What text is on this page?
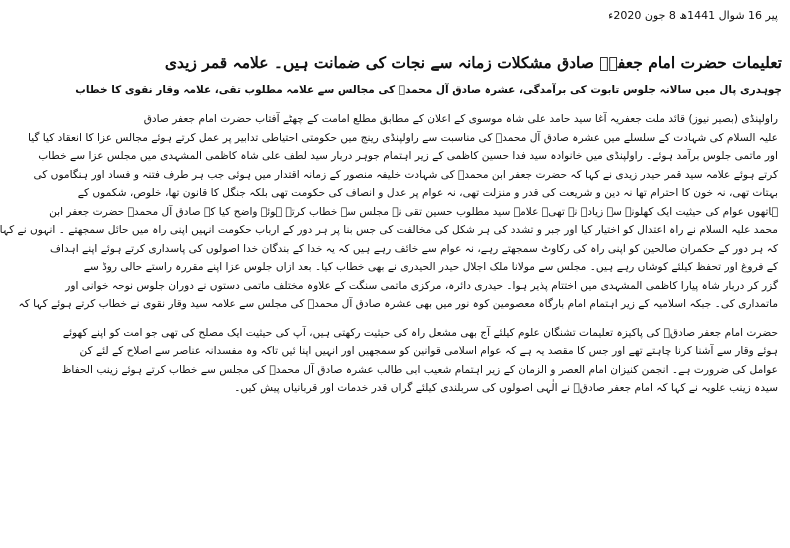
پیر 16 شوال 1441ھ 8 جون 2020ء
تعلیمات حضرت امام جعفرؑ صادق مشکلات زمانہ سے نجات کی ضمانت ہیں۔ علامہ قمر زیدی
چوہدری پال میں سالانہ جلوس تابوت کی برآمدگی، عشرہ صادق آل محمدؐ کی مجالس سے علامہ مطلوب تقی، علامہ وقار نقوی کا خطاب
راولپنڈی (بصیر نیوز) قائد ملت جعفریہ آغا سید حامد علی شاہ موسوی کے اعلان کے مطابق مطلع امامت کے چھٹے آفتاب حضرت امام جعفر صادق
علیہ السلام کی شہادت کے سلسلے میں عشرہ صادق آل محمدؐ کی مناسبت سے راولپنڈی رینج میں حکومتی احتیاطی تدابیر پر عمل کرتے ہوئے مجالس عزا کا انعقاد کیا گیا
اور ماتمی جلوس برآمد ہوئے۔ راولپنڈی میں خانوادہ سید فدا حسین کاظمی کے زیر اہتمام جوہر دربار سید لطف علی شاہ کاظمی المشہدی میں مجلس عزا سے خطاب
کرتے ہوئے علامہ سید قمر حیدر زیدی نے کہا کہ حضرت جعفر ابن محمدؑ کی شہادت خلیفہ منصور کے زمانہ اقتدار میں ہوئی جب ہر طرف فتنہ و فساد اور ہنگاموں کی
بہتات تھی، نہ خون کا احترام تھا نہ دین و شریعت کی قدر و منزلت تھی، نہ عوام پر عدل و انصاف کی حکومت تھی بلکہ جنگل کا قانون تھا، خلوص، شکموں کے
ہاتھوں عوام کی حیثیت ایک کھلونے سے زیادہ نہ تھی۔ علامہ سید مطلوب حسین تقی نے مجلس سے خطاب کرتے ہوئے واضح کیا کہ صادق آل محمدؐ حضرت جعفر ابن
محمد علیہ السلام نے راہ اعتدال کو اختیار کیا اور جبر و تشدد کی ہر شکل کی مخالفت کی جس بنا پر ہر دور کے ارباب حکومت انہیں اپنی راہ میں حائل سمجھتے ۔ انہوں نے کہا
کہ ہر دور کے حکمران صالحین کو اپنی راہ کی رکاوٹ سمجھتے رہے، نہ عوام سے خائف رہے ہیں کہ یہ خدا کے بندگان خدا اصولوں کی پاسداری کرتے ہوئے اپنے اہداف
کے فروغ اور تحفظ کیلئے کوشاں رہے ہیں۔ مجلس سے مولانا ملک اجلال حیدر الحیدری نے بھی خطاب کیا۔ بعد ازاں جلوس عزا اپنے مقررہ راستے حالی روڈ سے
گزر کر دربار شاہ پیارا کاظمی المشہدی میں اختتام پذیر ہوا۔ حیدری دائرہ، مرکزی ماتمی سنگت کے علاوہ مختلف ماتمی دستوں نے دوران جلوس نوحہ خوانی اور
ماتمداری کی۔ جبکہ اسلامیہ کے زیر اہتمام امام بارگاہ معصومین کوہ نور میں بھی عشرہ صادق آل محمدؐ کی مجلس سے علامہ سید وقار نقوی نے خطاب کرتے ہوئے کہا کہ
حضرت امام جعفر صادقؑ کی پاکیزہ تعلیمات تشنگان علوم کیلئے آج بھی مشعل راہ کی حیثیت رکھتی ہیں، آپ کی حیثیت ایک مصلح کی تھی جو امت کو اپنے کھوئے
ہوئے وقار سے آشنا کرنا چاہتے تھے اور جس کا مقصد یہ ہے کہ عوام اسلامی قوانین کو سمجھیں اور انہیں اپنا ئیں تاکہ وہ مفسدانہ عناصر سے اصلاح کے لئے کن
عوامل کی ضرورت ہے۔ انجمن کنیزان امام العصر و الزمان کے زیر اہتمام شعیب ابی طالب عشرہ صادق آل محمدؐ کی مجلس سے خطاب کرتے ہوئے زینب الحفاظ
سیدہ زینب علویہ نے کہا کہ امام جعفر صادقؑ نے الٰہی اصولوں کی سربلندی کیلئے گراں قدر خدمات اور قربانیاں پیش کیں۔
